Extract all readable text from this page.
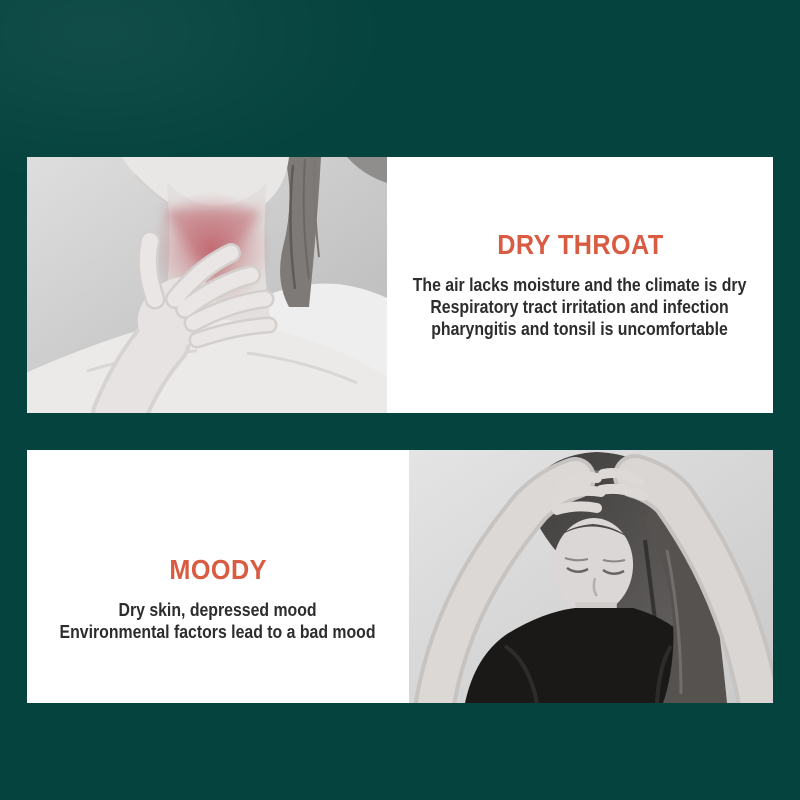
DRY THROAT
The air lacks moisture and the climate is dry
Respiratory tract irritation and infection
pharyngitis and tonsil is uncomfortable
MOODY
Dry skin, depressed mood
Environmental factors lead to a bad mood
